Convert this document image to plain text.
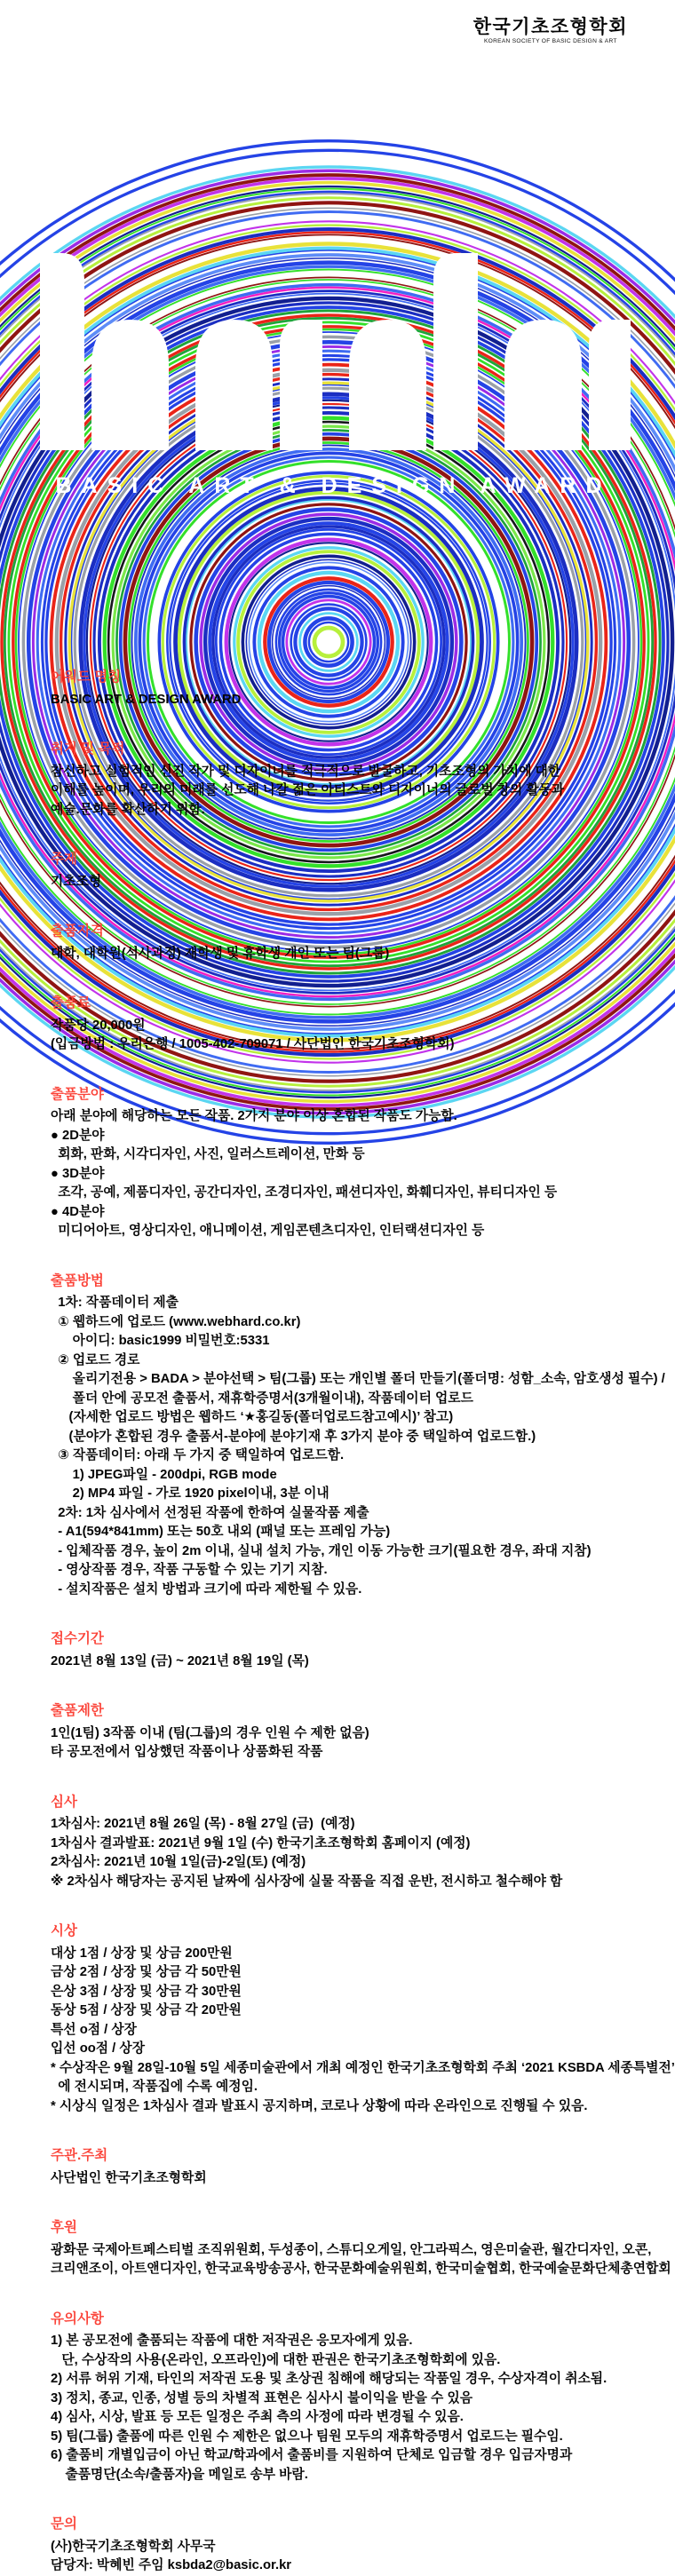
한국기초조형학회
KOREAN SOCIETY OF BASIC DESIGN & ART
BASIC ART & DESIGN AWARD
어워드 명칭
BASIC ART & DESIGN AWARD
취지 및 목적
참신하고 실험적인 신진 작가 및 디자이너를 적극적으로 발굴하고, 기초조형의 가치에 대한
이해를 높이며, 우리의 미래를 선도해 나갈 젊은 아티스트와 디자이너의 글로벌 창의 활동과
예술.문화를 확산하기 위함.
주제
기초조형
출품자격
대학, 대학원(석사과정) 재학생 및 휴학생 개인 또는 팀(그룹)
출품료
작품당 20,000원
(입금방법 : 우리은행 / 1005-402-709071 / 사단법인 한국기초조형학회)
출품분야
아래 분야에 해당하는 모든 작품. 2가지 분야 이상 혼합된 작품도 가능함.
● 2D분야
회화, 판화, 시각디자인, 사진, 일러스트레이션, 만화 등
● 3D분야
조각, 공예, 제품디자인, 공간디자인, 조경디자인, 패션디자인, 화훼디자인, 뷰티디자인 등
● 4D분야
미디어아트, 영상디자인, 애니메이션, 게임콘텐츠디자인, 인터랙션디자인 등
출품방법
1차: 작품데이터 제출
① 웹하드에 업로드 (www.webhard.co.kr)
아이디: basic1999 비밀번호:5331
② 업로드 경로
올리기전용 > BADA > 분야선택 > 팀(그룹) 또는 개인별 폴더 만들기(폴더명: 성함_소속, 암호생성 필수) /
폴더 안에 공모전 출품서, 재휴학증명서(3개월이내), 작품데이터 업로드
(자세한 업로드 방법은 웹하드 ‘★홍길동(폴더업로드참고예시)’ 참고)
(분야가 혼합된 경우 출품서-분야에 분야기재 후 3가지 분야 중 택일하여 업로드함.)
③ 작품데이터: 아래 두 가지 중 택일하여 업로드함.
1) JPEG파일 - 200dpi, RGB mode
2) MP4 파일 - 가로 1920 pixel이내, 3분 이내
2차: 1차 심사에서 선정된 작품에 한하여 실물작품 제출
- A1(594*841mm) 또는 50호 내외 (패널 또는 프레임 가능)
- 입체작품 경우, 높이 2m 이내, 실내 설치 가능, 개인 이동 가능한 크기(필요한 경우, 좌대 지참)
- 영상작품 경우, 작품 구동할 수 있는 기기 지참.
- 설치작품은 설치 방법과 크기에 따라 제한될 수 있음.
접수기간
2021년 8월 13일 (금) ~ 2021년 8월 19일 (목)
출품제한
1인(1팀) 3작품 이내 (팀(그룹)의 경우 인원 수 제한 없음)
타 공모전에서 입상했던 작품이나 상품화된 작품
심사
1차심사: 2021년 8월 26일 (목) - 8월 27일 (금)  (예정)
1차심사 결과발표: 2021년 9월 1일 (수) 한국기초조형학회 홈페이지 (예정)
2차심사: 2021년 10월 1일(금)-2일(토) (예정)
※ 2차심사 해당자는 공지된 날짜에 심사장에 실물 작품을 직접 운반, 전시하고 철수해야 함
시상
대상 1점 / 상장 및 상금 200만원
금상 2점 / 상장 및 상금 각 50만원
은상 3점 / 상장 및 상금 각 30만원
동상 5점 / 상장 및 상금 각 20만원
특선 o점 / 상장
입선 oo점 / 상장
* 수상작은 9월 28일-10월 5일 세종미술관에서 개최 예정인 한국기초조형학회 주최 ‘2021 KSBDA 세종특별전’
에 전시되며, 작품집에 수록 예정임.
* 시상식 일정은 1차심사 결과 발표시 공지하며, 코로나 상황에 따라 온라인으로 진행될 수 있음.
주관.주최
사단법인 한국기초조형학회
후원
광화문 국제아트페스티벌 조직위원회, 두성종이, 스튜디오게일, 안그라픽스, 영은미술관, 월간디자인, 오콘,
크리앤조이, 아트앤디자인, 한국교육방송공사, 한국문화예술위원회, 한국미술협회, 한국예술문화단체총연합회
유의사항
1) 본 공모전에 출품되는 작품에 대한 저작권은 응모자에게 있음.
단, 수상작의 사용(온라인, 오프라인)에 대한 판권은 한국기초조형학회에 있음.
2) 서류 허위 기재, 타인의 저작권 도용 및 초상권 침해에 해당되는 작품일 경우, 수상자격이 취소됨.
3) 정치, 종교, 인종, 성별 등의 차별적 표현은 심사시 불이익을 받을 수 있음
4) 심사, 시상, 발표 등 모든 일정은 주최 측의 사정에 따라 변경될 수 있음.
5) 팀(그룹) 출품에 따른 인원 수 제한은 없으나 팀원 모두의 재휴학증명서 업로드는 필수임.
6) 출품비 개별입금이 아닌 학교/학과에서 출품비를 지원하여 단체로 입금할 경우 입금자명과
출품명단(소속/출품자)을 메일로 송부 바람.
문의
(사)한국기초조형학회 사무국
담당자: 박혜빈 주임 ksbda2@basic.or.kr
